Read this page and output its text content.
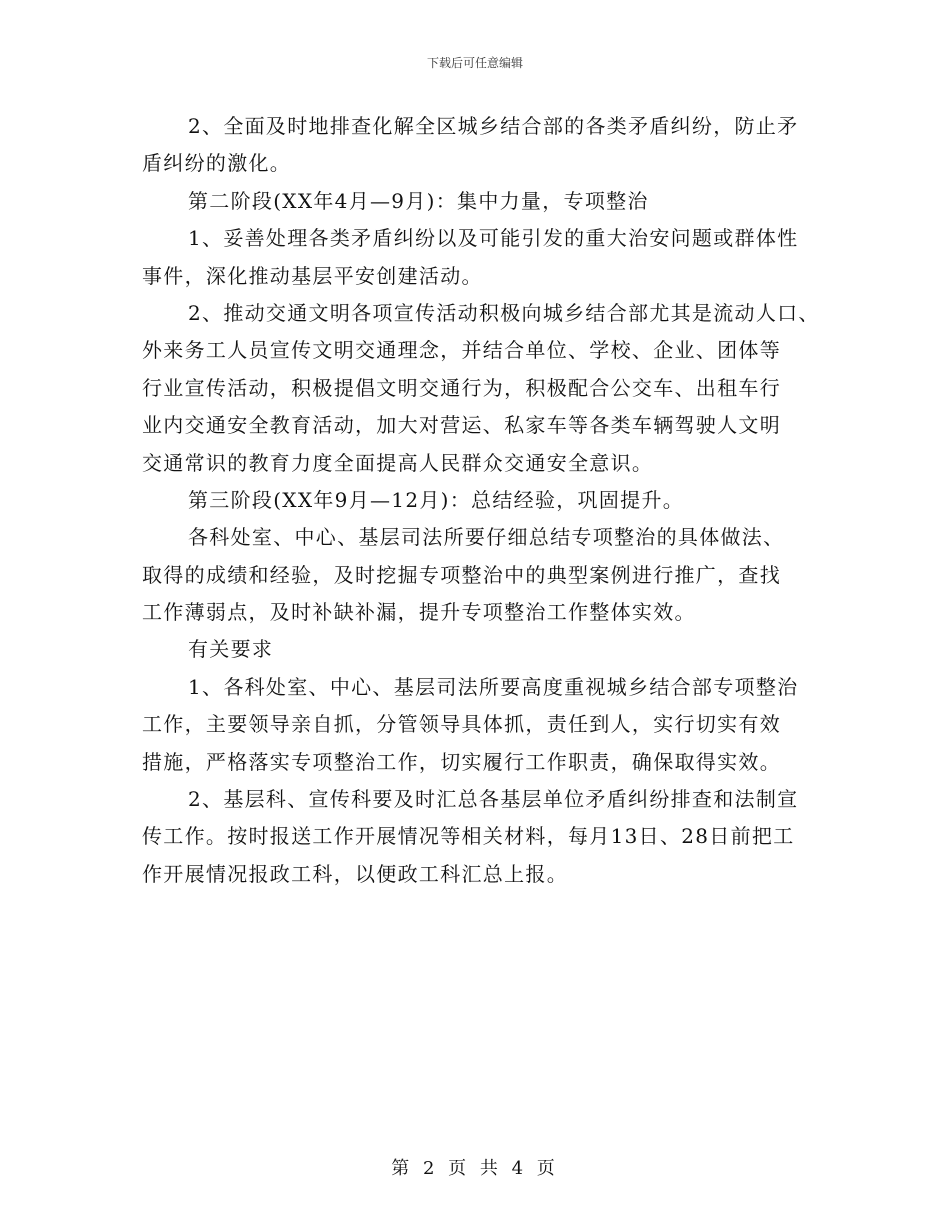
下载后可任意编辑
2、全面及时地排查化解全区城乡结合部的各类矛盾纠纷，防止矛
盾纠纷的激化。
第二阶段(XX年4月—9月)：集中力量，专项整治
1、妥善处理各类矛盾纠纷以及可能引发的重大治安问题或群体性
事件，深化推动基层平安创建活动。
2、推动交通文明各项宣传活动积极向城乡结合部尤其是流动人口、
外来务工人员宣传文明交通理念，并结合单位、学校、企业、团体等
行业宣传活动，积极提倡文明交通行为，积极配合公交车、出租车行
业内交通安全教育活动，加大对营运、私家车等各类车辆驾驶人文明
交通常识的教育力度全面提高人民群众交通安全意识。
第三阶段(XX年9月—12月)：总结经验，巩固提升。
各科处室、中心、基层司法所要仔细总结专项整治的具体做法、
取得的成绩和经验，及时挖掘专项整治中的典型案例进行推广，查找
工作薄弱点，及时补缺补漏，提升专项整治工作整体实效。
有关要求
1、各科处室、中心、基层司法所要高度重视城乡结合部专项整治
工作，主要领导亲自抓，分管领导具体抓，责任到人，实行切实有效
措施，严格落实专项整治工作，切实履行工作职责，确保取得实效。
2、基层科、宣传科要及时汇总各基层单位矛盾纠纷排查和法制宣
传工作。按时报送工作开展情况等相关材料，每月13日、28日前把工
作开展情况报政工科，以便政工科汇总上报。
第 2 页 共 4 页
